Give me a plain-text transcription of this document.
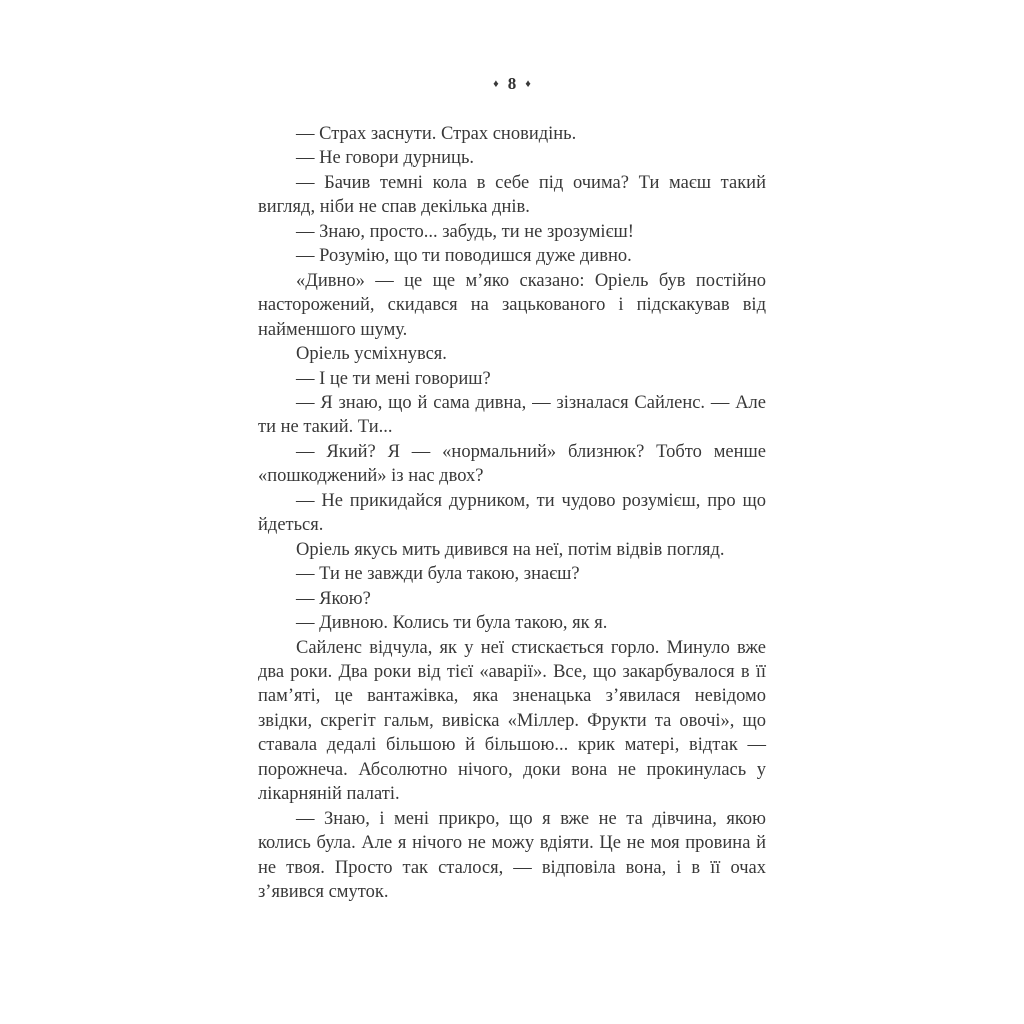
♦ 8 ♦

— Страх заснути. Страх сновидінь.

— Не говори дурниць.

— Бачив темні кола в себе під очима? Ти маєш такий вигляд, ніби не спав декілька днів.

— Знаю, просто... забудь, ти не зрозумієш!

— Розумію, що ти поводишся дуже дивно.

«Дивно» — це ще м’яко сказано: Оріель був постійно насторожений, скидався на зацькованого і підскакував від найменшого шуму.

Оріель усміхнувся.

— І це ти мені говориш?

— Я знаю, що й сама дивна, — зізналася Сайленс. — Але ти не такий. Ти...

— Який? Я — «нормальний» близнюк? Тобто менше «пошкоджений» із нас двох?

— Не прикидайся дурником, ти чудово розумієш, про що йдеться.

Оріель якусь мить дивився на неї, потім відвів погляд.

— Ти не завжди була такою, знаєш?

— Якою?

— Дивною. Колись ти була такою, як я.

Сайленс відчула, як у неї стискається горло. Минуло вже два роки. Два роки від тієї «аварії». Все, що закарбувалося в її пам’яті, це вантажівка, яка зненацька з’явилася невідомо звідки, скрегіт гальм, вивіска «Міллер. Фрукти та овочі», що ставала дедалі більшою й більшою... крик матері, відтак — порожнеча. Абсолютно нічого, доки вона не прокинулась у лікарняній палаті.

— Знаю, і мені прикро, що я вже не та дівчина, якою колись була. Але я нічого не можу вдіяти. Це не моя провина й не твоя. Просто так сталося, — відповіла вона, і в її очах з’явився смуток.
